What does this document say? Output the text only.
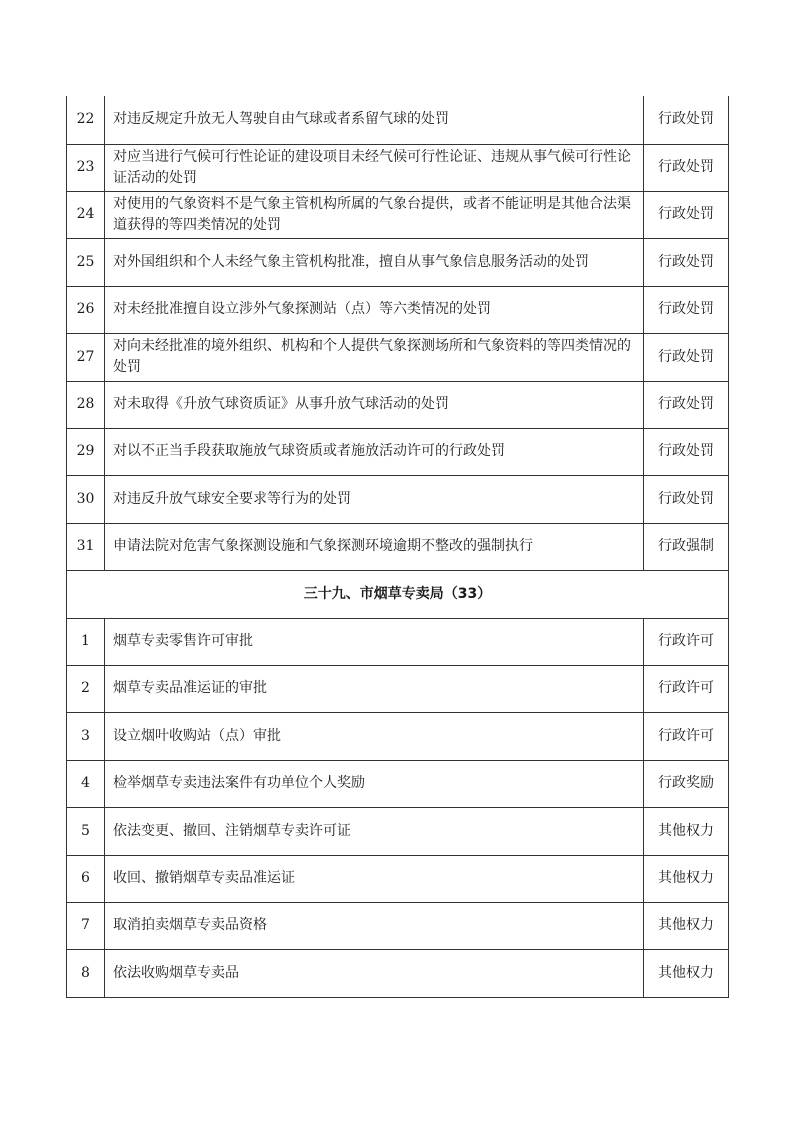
22	对违反规定升放无人驾驶自由气球或者系留气球的处罚	行政处罚
23	对应当进行气候可行性论证的建设项目未经气候可行性论证、违规从事气候可行性论证活动的处罚	行政处罚
24	对使用的气象资料不是气象主管机构所属的气象台提供，或者不能证明是其他合法渠道获得的等四类情况的处罚	行政处罚
25	对外国组织和个人未经气象主管机构批准，擅自从事气象信息服务活动的处罚	行政处罚
26	对未经批准擅自设立涉外气象探测站（点）等六类情况的处罚	行政处罚
27	对向未经批准的境外组织、机构和个人提供气象探测场所和气象资料的等四类情况的处罚	行政处罚
28	对未取得《升放气球资质证》从事升放气球活动的处罚	行政处罚
29	对以不正当手段获取施放气球资质或者施放活动许可的行政处罚	行政处罚
30	对违反升放气球安全要求等行为的处罚	行政处罚
31	申请法院对危害气象探测设施和气象探测环境逾期不整改的强制执行	行政强制
三十九、市烟草专卖局（33）		
1	烟草专卖零售许可审批	行政许可
2	烟草专卖品准运证的审批	行政许可
3	设立烟叶收购站（点）审批	行政许可
4	检举烟草专卖违法案件有功单位个人奖励	行政奖励
5	依法变更、撤回、注销烟草专卖许可证	其他权力
6	收回、撤销烟草专卖品准运证	其他权力
7	取消拍卖烟草专卖品资格	其他权力
8	依法收购烟草专卖品	其他权力
